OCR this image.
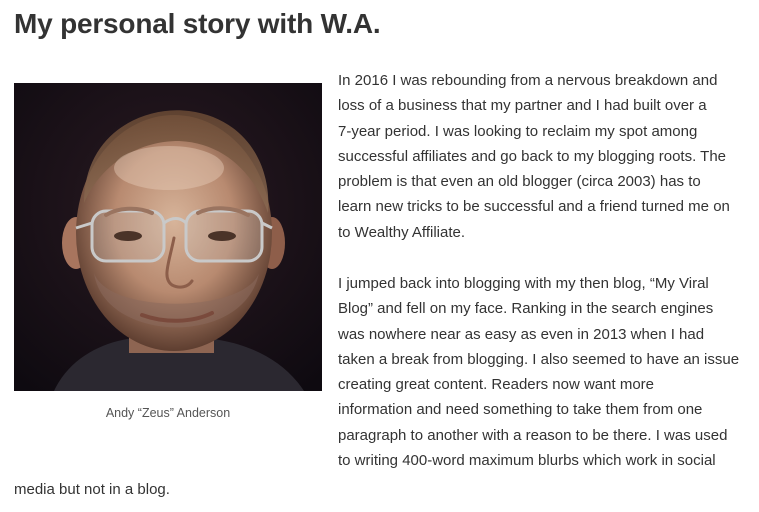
My personal story with W.A.
Andy “Zeus” Anderson

In 2016 I was rebounding from a nervous breakdown and
loss of a business that my partner and I had built over a
7-year period. I was looking to reclaim my spot among
successful affiliates and go back to my blogging roots. The
problem is that even an old blogger (circa 2003) has to
learn new tricks to be successful and a friend turned me on
to Wealthy Affiliate.

I jumped back into blogging with my then blog, “My Viral
Blog” and fell on my face. Ranking in the search engines
was nowhere near as easy as even in 2013 when I had
taken a break from blogging. I also seemed to have an issue
creating great content. Readers now want more
information and need something to take them from one
paragraph to another with a reason to be there. I was used
to writing 400-word maximum blurbs which work in social

media but not in a blog.
